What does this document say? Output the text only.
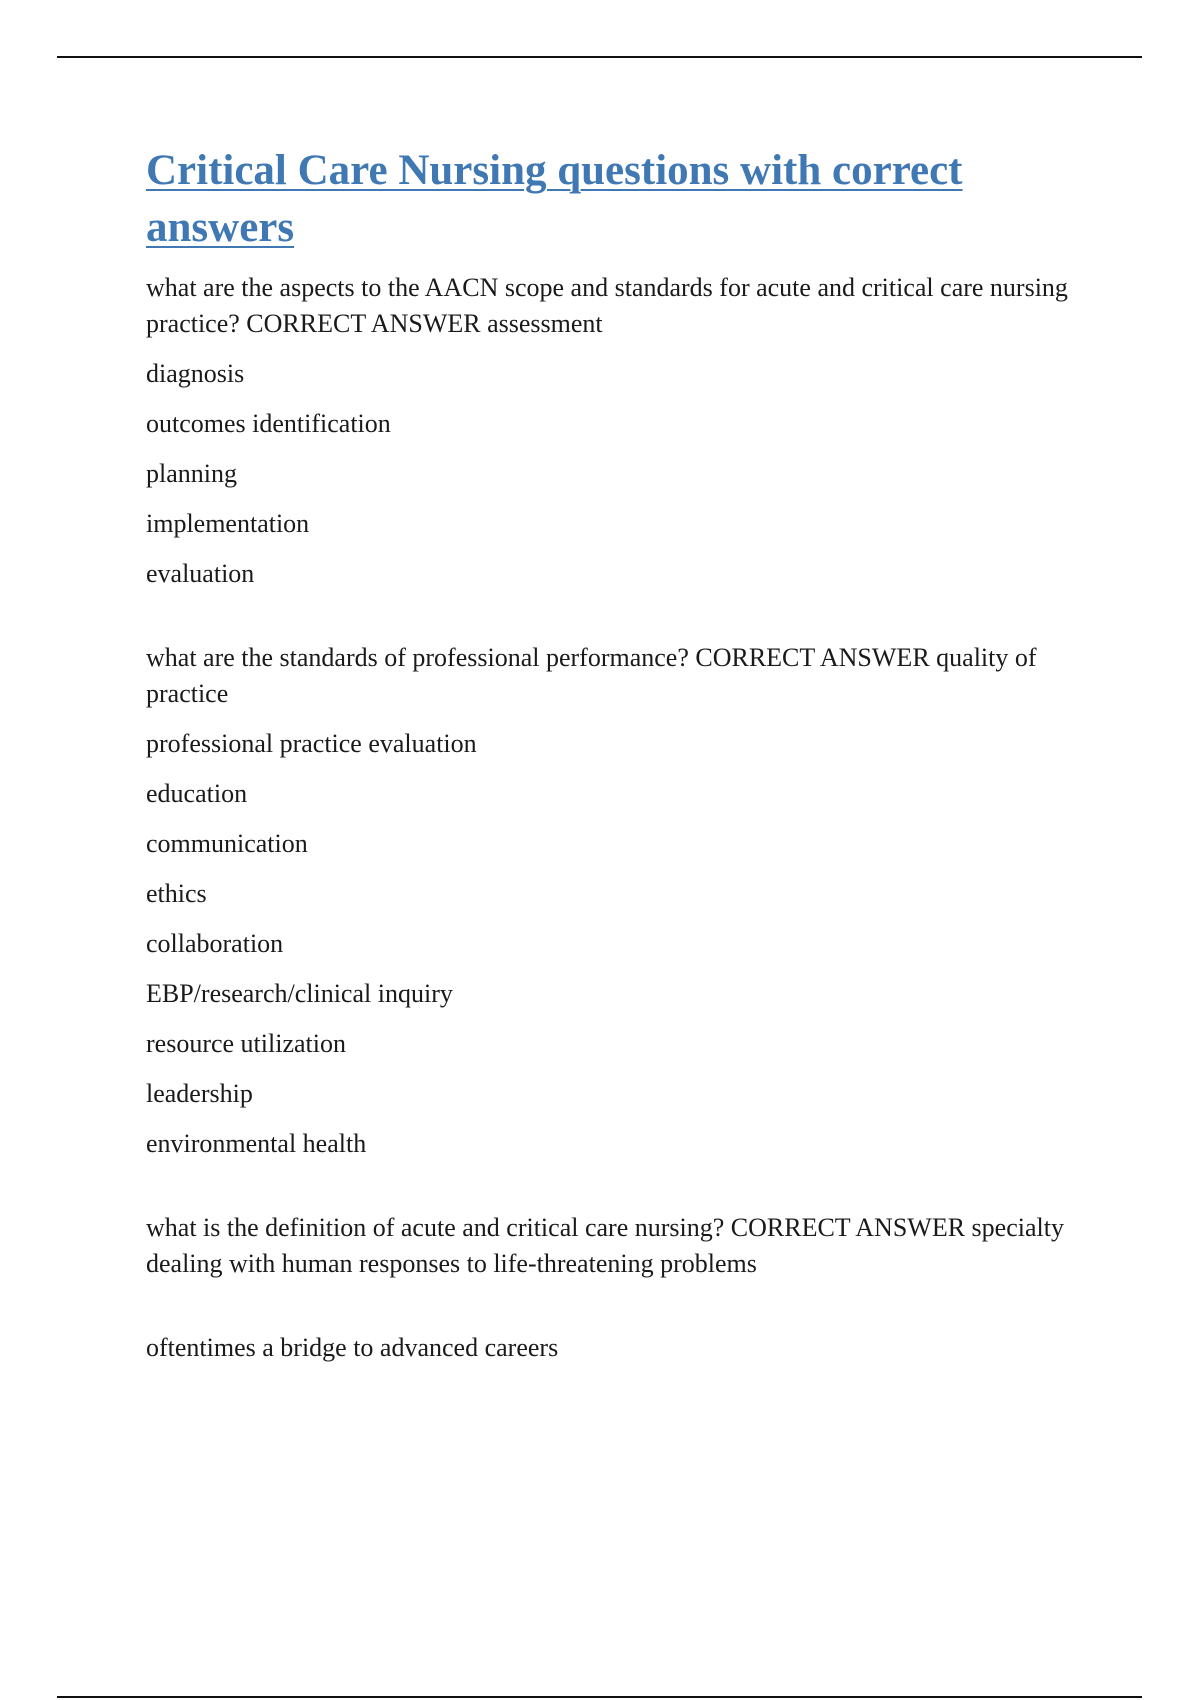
Critical Care Nursing questions with correct answers

what are the aspects to the AACN scope and standards for acute and critical care nursing practice? CORRECT ANSWER assessment

diagnosis

outcomes identification

planning

implementation

evaluation

what are the standards of professional performance? CORRECT ANSWER quality of practice

professional practice evaluation

education

communication

ethics

collaboration

EBP/research/clinical inquiry

resource utilization

leadership

environmental health

what is the definition of acute and critical care nursing? CORRECT ANSWER specialty dealing with human responses to life-threatening problems

oftentimes a bridge to advanced careers
